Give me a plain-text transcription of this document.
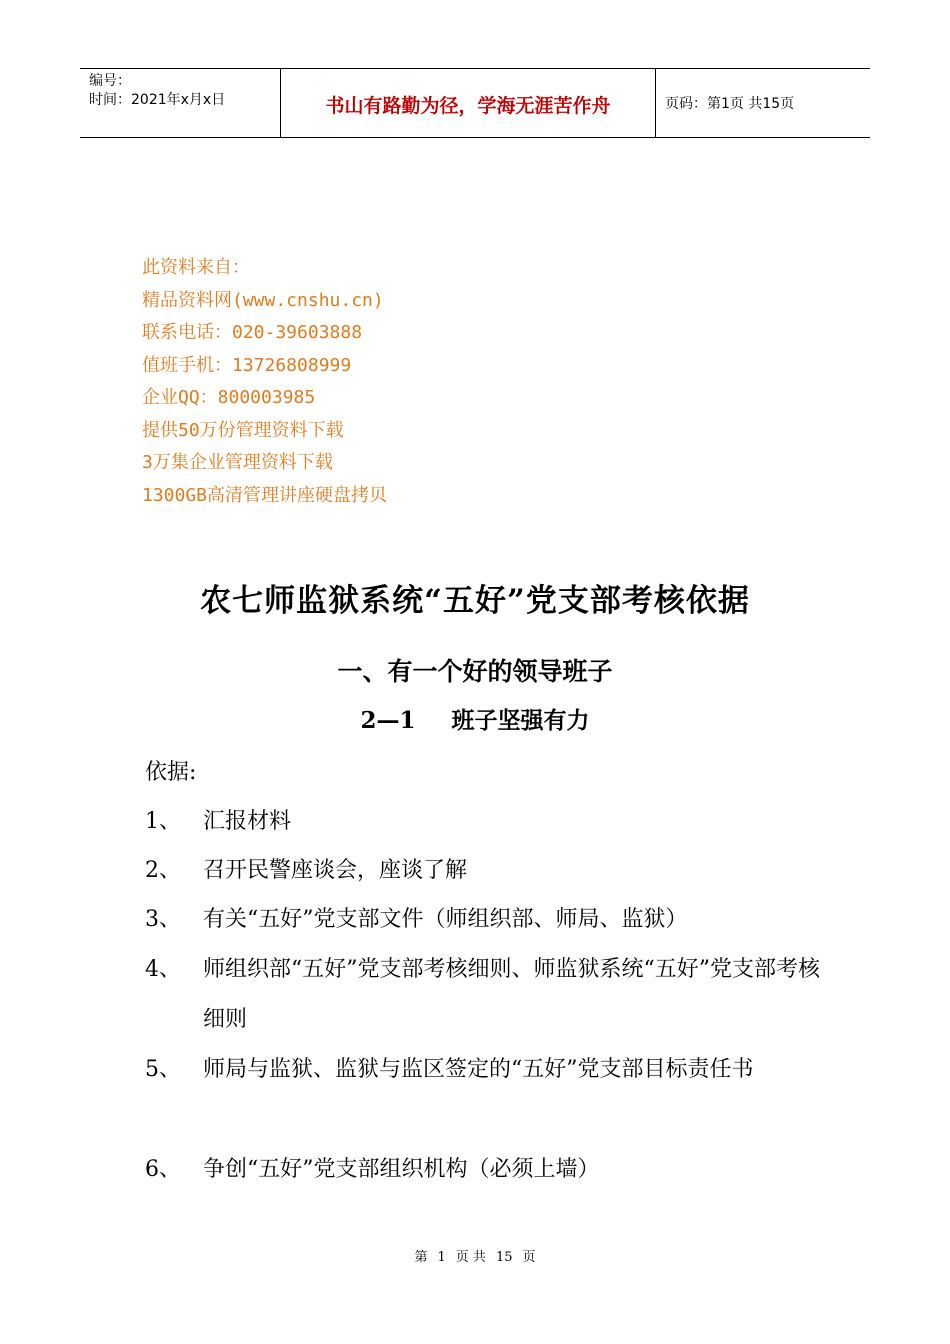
编号：
时间：2021年x月x日	书山有路勤为径，学海无涯苦作舟	页码：第1页 共15页
此资料来自：
精品资料网(www.cnshu.cn)
联系电话：020-39603888
值班手机：13726808999
企业QQ：800003985
提供50万份管理资料下载
3万集企业管理资料下载
1300GB高清管理讲座硬盘拷贝
农七师监狱系统“五好”党支部考核依据
一、有一个好的领导班子
2—1 班子坚强有力
依据:
1、 汇报材料
2、 召开民警座谈会，座谈了解
3、 有关“五好”党支部文件（师组织部、师局、监狱）
4、 师组织部“五好”党支部考核细则、师监狱系统“五好”党支部考核细则
5、 师局与监狱、监狱与监区签定的“五好”党支部目标责任书
6、 争创“五好”党支部组织机构（必须上墙）
第 1 页 共 15 页
